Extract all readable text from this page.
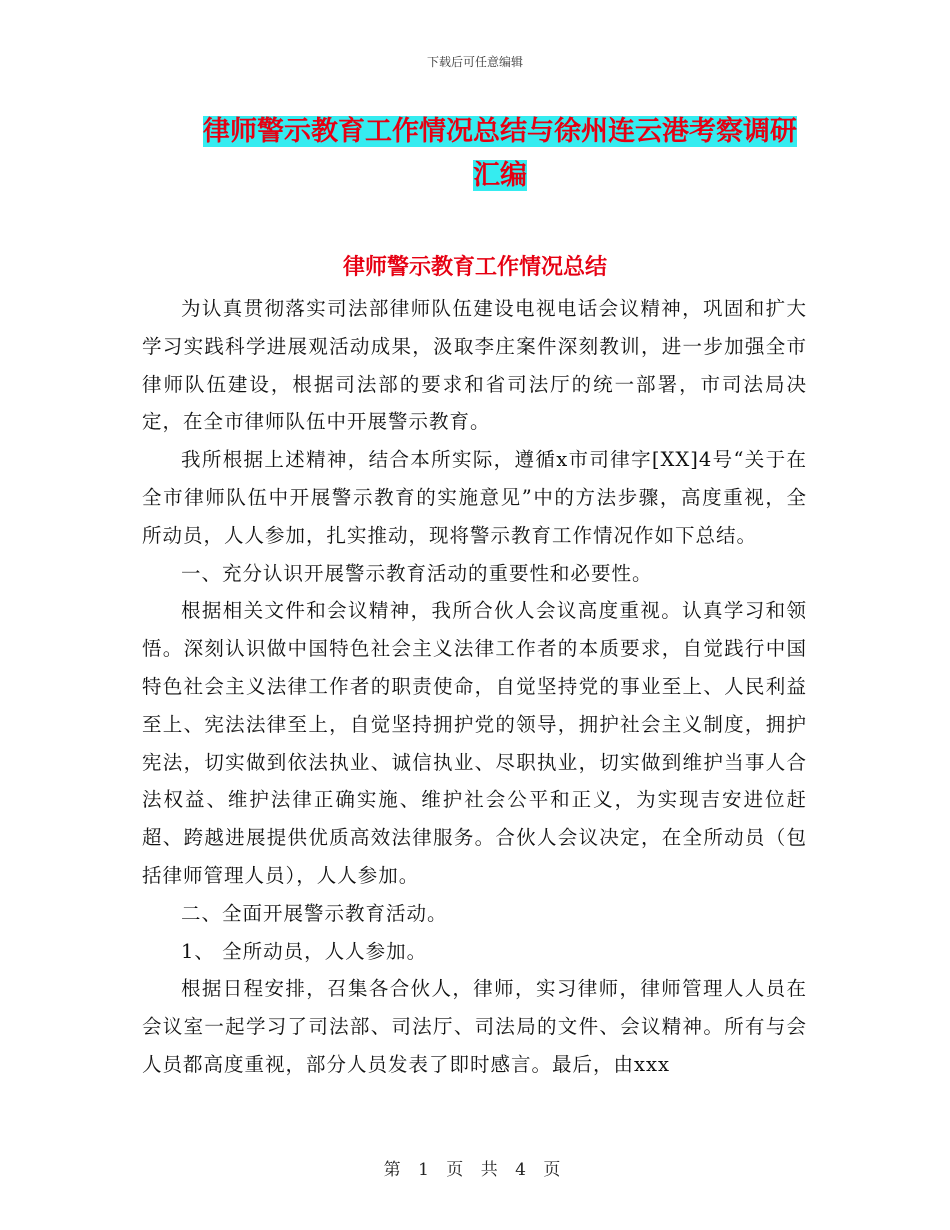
下载后可任意编辑
律师警示教育工作情况总结与徐州连云港考察调研汇编
律师警示教育工作情况总结

为认真贯彻落实司法部律师队伍建设电视电话会议精神，巩固和扩大学习实践科学进展观活动成果，汲取李庄案件深刻教训，进一步加强全市律师队伍建设，根据司法部的要求和省司法厅的统一部署，市司法局决定，在全市律师队伍中开展警示教育。

我所根据上述精神，结合本所实际，遵循x市司律字[XX]4号“关于在全市律师队伍中开展警示教育的实施意见”中的方法步骤，高度重视，全所动员，人人参加，扎实推动，现将警示教育工作情况作如下总结。

一、充分认识开展警示教育活动的重要性和必要性。

根据相关文件和会议精神，我所合伙人会议高度重视。认真学习和领悟。深刻认识做中国特色社会主义法律工作者的本质要求，自觉践行中国特色社会主义法律工作者的职责使命，自觉坚持党的事业至上、人民利益至上、宪法法律至上，自觉坚持拥护党的领导，拥护社会主义制度，拥护宪法，切实做到依法执业、诚信执业、尽职执业，切实做到维护当事人合法权益、维护法律正确实施、维护社会公平和正义，为实现吉安进位赶超、跨越进展提供优质高效法律服务。合伙人会议决定，在全所动员（包括律师管理人员），人人参加。

二、全面开展警示教育活动。

1、 全所动员，人人参加。

根据日程安排，召集各合伙人，律师，实习律师，律师管理人人员在会议室一起学习了司法部、司法厅、司法局的文件、会议精神。所有与会人员都高度重视，部分人员发表了即时感言。最后，由xxx

第 1 页 共 4 页
